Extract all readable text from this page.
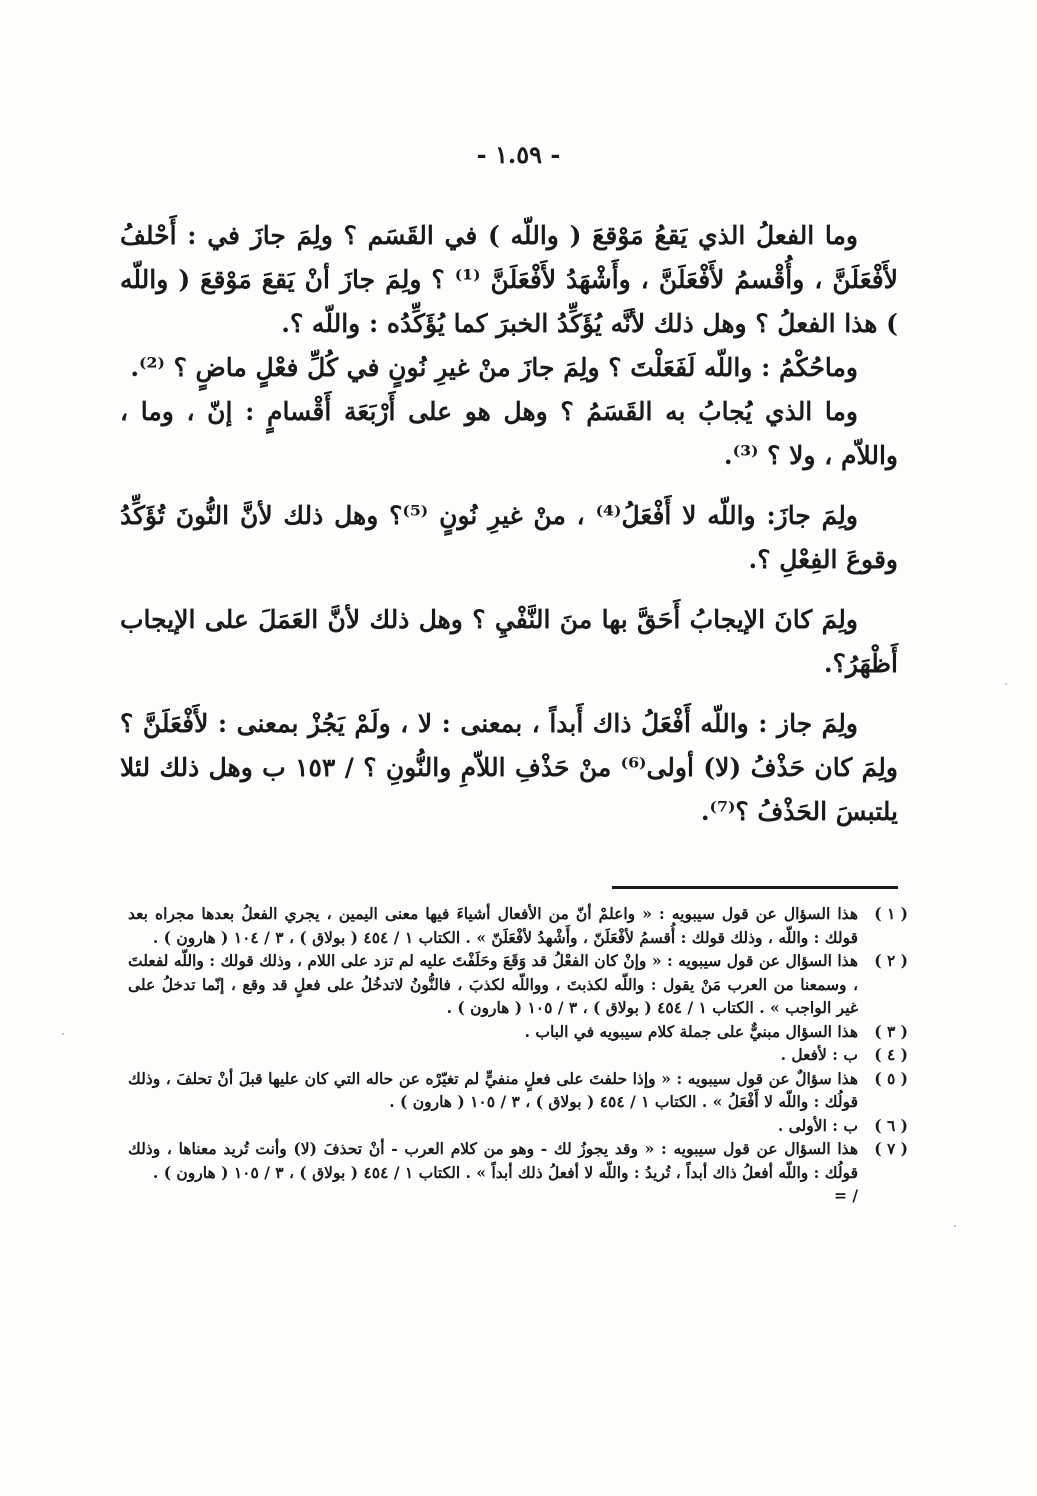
- ١.٥٩ -

وما الفعلُ الذي يَقعُ مَوْقعَ ( واللّه ) في القَسَم ؟ ولِمَ جازَ في : أَحْلفُ لأَفْعَلَنَّ ، وأُقْسمُ لأَفْعَلَنَّ ، وأَشْهَدُ لأَفْعَلَنَّ ⁽¹⁾ ؟ ولِمَ جازَ أنْ يَقعَ مَوْقعَ ( واللّه ) هذا الفعلُ ؟ وهل ذلك لأنَّه يُؤَكِّدُ الخبرَ كما يُؤَكِّدُه : واللّه ؟.

وماحُكْمُ : واللّه لَفَعَلْتَ ؟ ولِمَ جازَ منْ غيرِ نُونٍ في كُلِّ فعْلٍ ماضٍ ؟ ⁽²⁾.

وما الذي يُجابُ به القَسَمُ ؟ وهل هو على أَرْبَعَة أَقْسامٍ : إنّ ، وما ، واللاّم ، ولا ؟ ⁽³⁾.

ولِمَ جازَ: واللّه لا أَفْعَلُ⁽⁴⁾ ، منْ غيرِ نُونٍ ⁽⁵⁾؟ وهل ذلك لأنَّ النُّونَ تُؤَكِّدُ وقوعَ الفِعْلِ ؟.

ولِمَ كانَ الإيجابُ أَحَقَّ بها منَ النَّفْيِ ؟ وهل ذلك لأنَّ العَمَلَ على الإيجاب أَظْهَرُ؟.

ولِمَ جاز : واللّه أَفْعَلُ ذاك أَبداً ، بمعنى : لا ، ولَمْ يَجُزْ بمعنى : لأَفْعَلَنَّ ؟ ولِمَ كان حَذْفُ (لا) أولى⁽⁶⁾ منْ حَذْفِ اللاّمِ والنُّونِ ؟ / ١٥٣ ب وهل ذلك لئلا يلتبسَ الحَذْفُ ؟⁽⁷⁾.

( ١ )
هذا السؤال عن قول سيبويه : « واعلمْ أنّ من الأفعال أشياءَ فيها معنى اليمين ، يجري الفعلُ بعدها مجراه بعد قولك : واللّه ، وذلك قولك : أُقسمُ لأفْعَلَنّ ، وأَشْهدُ لأفْعَلَنّ » . الكتاب ١ / ٤٥٤ ( بولاق ) ، ٣ / ١٠٤ ( هارون ) .
( ٢ )
هذا السؤال عن قول سيبويه : « وإنْ كان الفعْلُ قد وَقَعَ وحَلَفْتَ عليه لم تزد على اللام ، وذلك قولك : واللّه لفعلتَ ، وسمعنا من العرب مَنْ يقول : واللّه لكذبتَ ، وواللّه لكذبَ ، فالنُّونُ لاتدخُلُ على فعلٍ قد وقع ، إنّما تدخلُ على غير الواجب » . الكتاب ١ / ٤٥٤ ( بولاق ) ، ٣ / ١٠٥ ( هارون ) .
( ٣ )
هذا السؤال مبنيٌّ على جملة كلام سيبويه في الباب .
( ٤ )
ب : لأفعل .
( ٥ )
هذا سؤالٌ عن قول سيبويه : « وإذا حلفتَ على فعلٍ منفيٍّ لم تغيّرْه عن حاله التي كان عليها قبلَ أنْ تحلفَ ، وذلك قولُك : واللّه لا أَفْعَلُ » . الكتاب ١ / ٤٥٤ ( بولاق ) ، ٣ / ١٠٥ ( هارون ) .
( ٦ )
ب : الأولى .
( ٧ )
هذا السؤال عن قول سيبويه : « وقد يجوزُ لك - وهو من كلام العرب - أنْ تحذفَ (لا) وأنت تُريد معناها ، وذلك قولُك : واللّه أفعلُ ذاك أبداً ، تُريدُ : واللّه لا أفعلُ ذلك أبداً » . الكتاب ١ / ٤٥٤ ( بولاق ) ، ٣ / ١٠٥ ( هارون ) .
/ =
